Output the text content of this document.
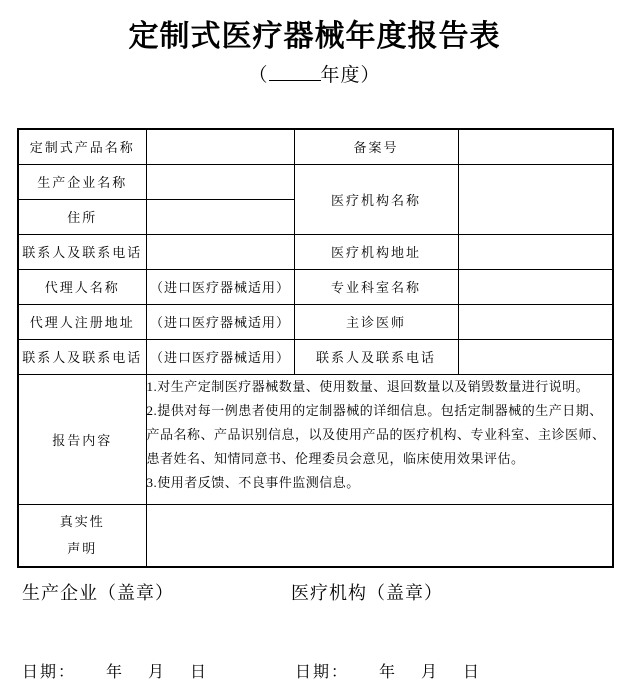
定制式医疗器械年度报告表
（	年度）
定制式产品名称		备案号	
生产企业名称		医疗机构名称	
住所			
联系人及联系电话		医疗机构地址	
代理人名称	（进口医疗器械适用）	专业科室名称	
代理人注册地址	（进口医疗器械适用）	主诊医师	
联系人及联系电话	（进口医疗器械适用）	联系人及联系电话	
报告内容	1.对生产定制医疗器械数量、使用数量、退回数量以及销毁数量进行说明。
2.提供对每一例患者使用的定制器械的详细信息。包括定制器械的生产日期、
产品名称、产品识别信息，以及使用产品的医疗机构、专业科室、主诊医师、
患者姓名、知情同意书、伦理委员会意见，临床使用效果评估。
3.使用者反馈、不良事件监测信息。		

真实性
声明			

生产企业（盖章）	医疗机构（盖章）
日期： 年 月 日	日期： 年 月 日
